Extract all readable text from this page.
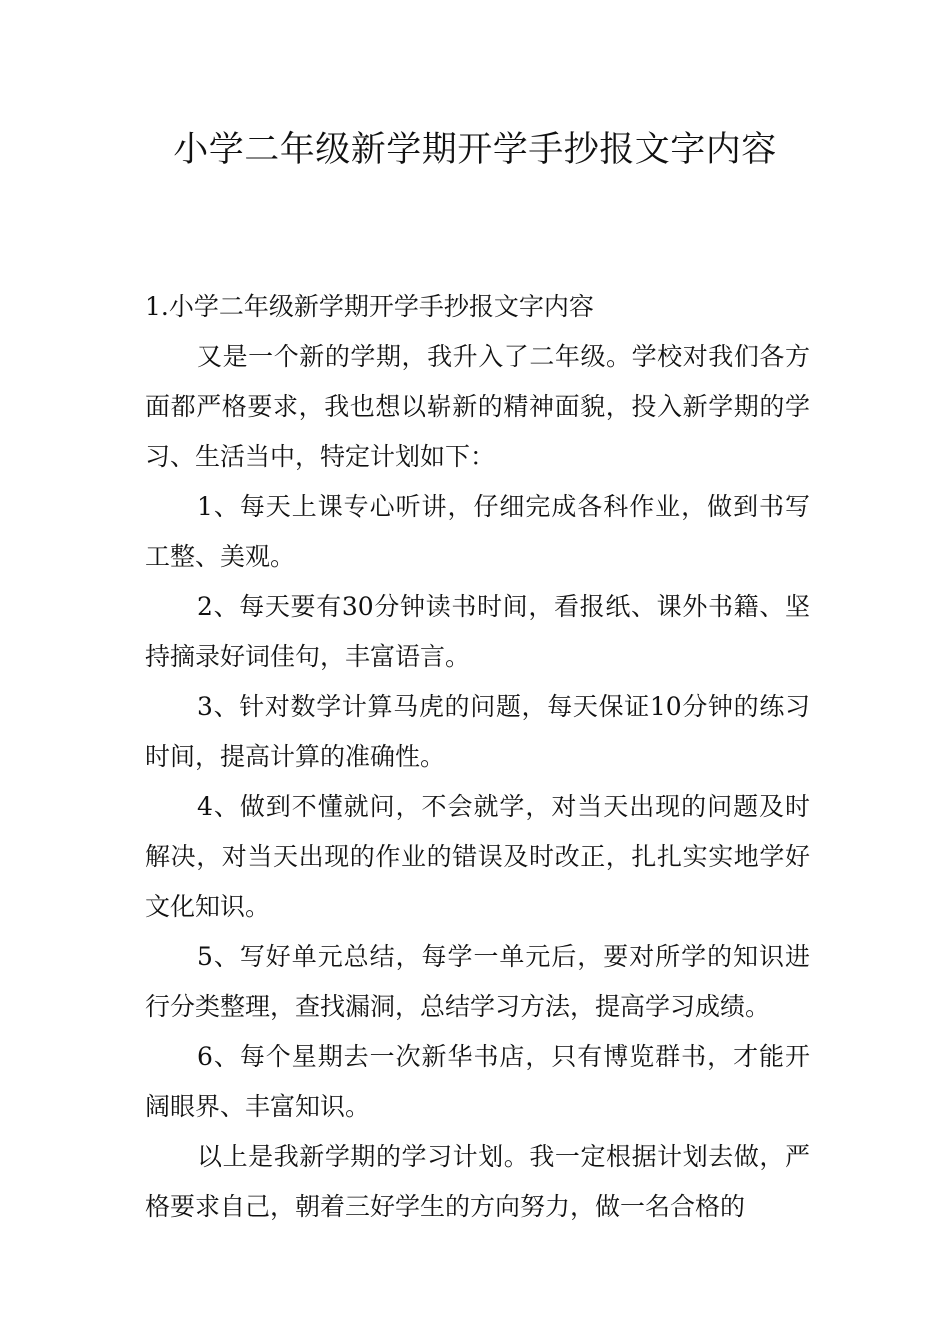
小学二年级新学期开学手抄报文字内容

1.小学二年级新学期开学手抄报文字内容

又是一个新的学期，我升入了二年级。学校对我们各方面都严格要求，我也想以崭新的精神面貌，投入新学期的学习、生活当中，特定计划如下：

1、每天上课专心听讲，仔细完成各科作业，做到书写工整、美观。

2、每天要有30分钟读书时间，看报纸、课外书籍、坚持摘录好词佳句，丰富语言。

3、针对数学计算马虎的问题，每天保证10分钟的练习时间，提高计算的准确性。

4、做到不懂就问，不会就学，对当天出现的问题及时解决，对当天出现的作业的错误及时改正，扎扎实实地学好文化知识。

5、写好单元总结，每学一单元后，要对所学的知识进行分类整理，查找漏洞，总结学习方法，提高学习成绩。

6、每个星期去一次新华书店，只有博览群书，才能开阔眼界、丰富知识。

以上是我新学期的学习计划。我一定根据计划去做，严格要求自己，朝着三好学生的方向努力，做一名合格的
